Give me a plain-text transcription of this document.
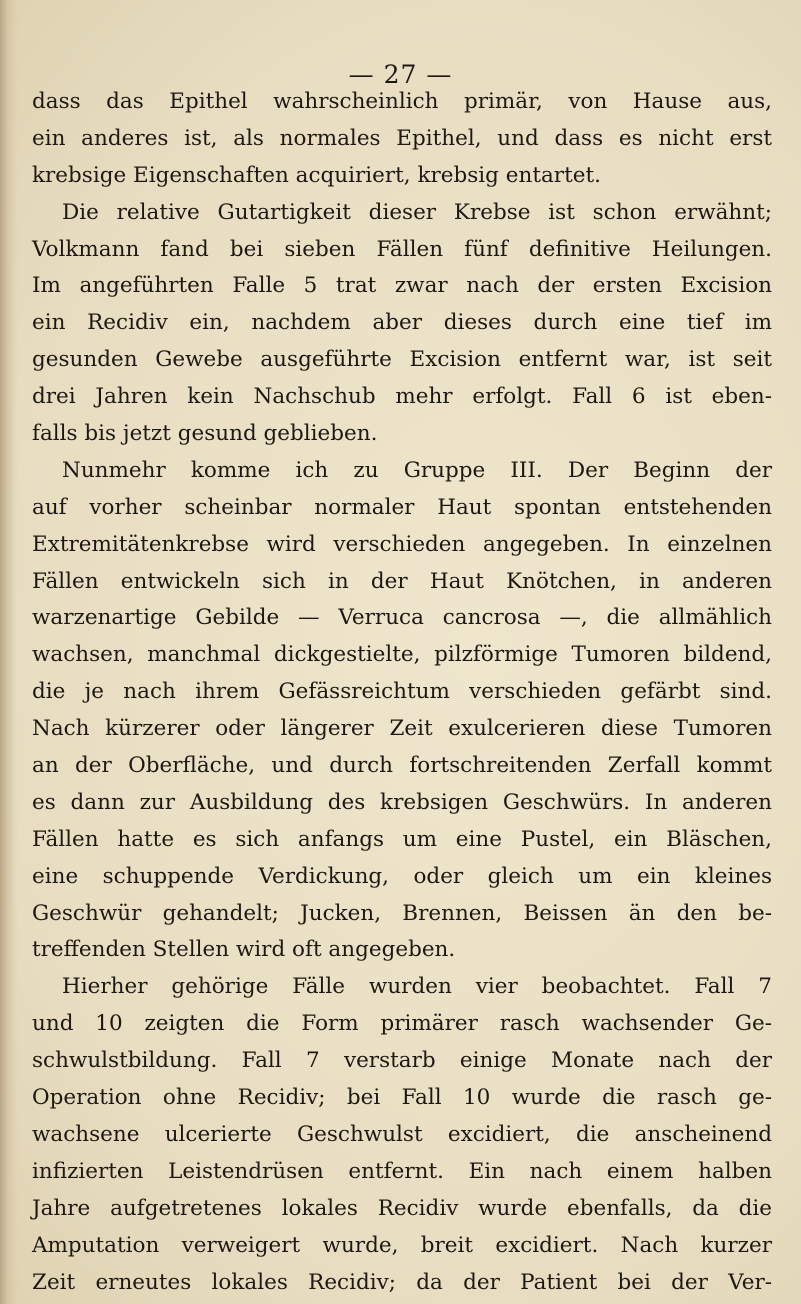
— 27 —
dass das Epithel wahrscheinlich primär, von Hause aus,
ein anderes ist, als normales Epithel, und dass es nicht erst
krebsige Eigenschaften acquiriert, krebsig entartet.
Die relative Gutartigkeit dieser Krebse ist schon erwähnt;
Volkmann fand bei sieben Fällen fünf definitive Heilungen.
Im angeführten Falle 5 trat zwar nach der ersten Excision
ein Recidiv ein, nachdem aber dieses durch eine tief im
gesunden Gewebe ausgeführte Excision entfernt war, ist seit
drei Jahren kein Nachschub mehr erfolgt. Fall 6 ist eben-
falls bis jetzt gesund geblieben.
Nunmehr komme ich zu Gruppe III. Der Beginn der
auf vorher scheinbar normaler Haut spontan entstehenden
Extremitätenkrebse wird verschieden angegeben. In einzelnen
Fällen entwickeln sich in der Haut Knötchen, in anderen
warzenartige Gebilde — Verruca cancrosa —, die allmählich
wachsen, manchmal dickgestielte, pilzförmige Tumoren bildend,
die je nach ihrem Gefässreichtum verschieden gefärbt sind.
Nach kürzerer oder längerer Zeit exulcerieren diese Tumoren
an der Oberfläche, und durch fortschreitenden Zerfall kommt
es dann zur Ausbildung des krebsigen Geschwürs. In anderen
Fällen hatte es sich anfangs um eine Pustel, ein Bläschen,
eine schuppende Verdickung, oder gleich um ein kleines
Geschwür gehandelt; Jucken, Brennen, Beissen än den be-
treffenden Stellen wird oft angegeben.
Hierher gehörige Fälle wurden vier beobachtet. Fall 7
und 10 zeigten die Form primärer rasch wachsender Ge-
schwulstbildung. Fall 7 verstarb einige Monate nach der
Operation ohne Recidiv; bei Fall 10 wurde die rasch ge-
wachsene ulcerierte Geschwulst excidiert, die anscheinend
infizierten Leistendrüsen entfernt. Ein nach einem halben
Jahre aufgetretenes lokales Recidiv wurde ebenfalls, da die
Amputation verweigert wurde, breit excidiert. Nach kurzer
Zeit erneutes lokales Recidiv; da der Patient bei der Ver-
